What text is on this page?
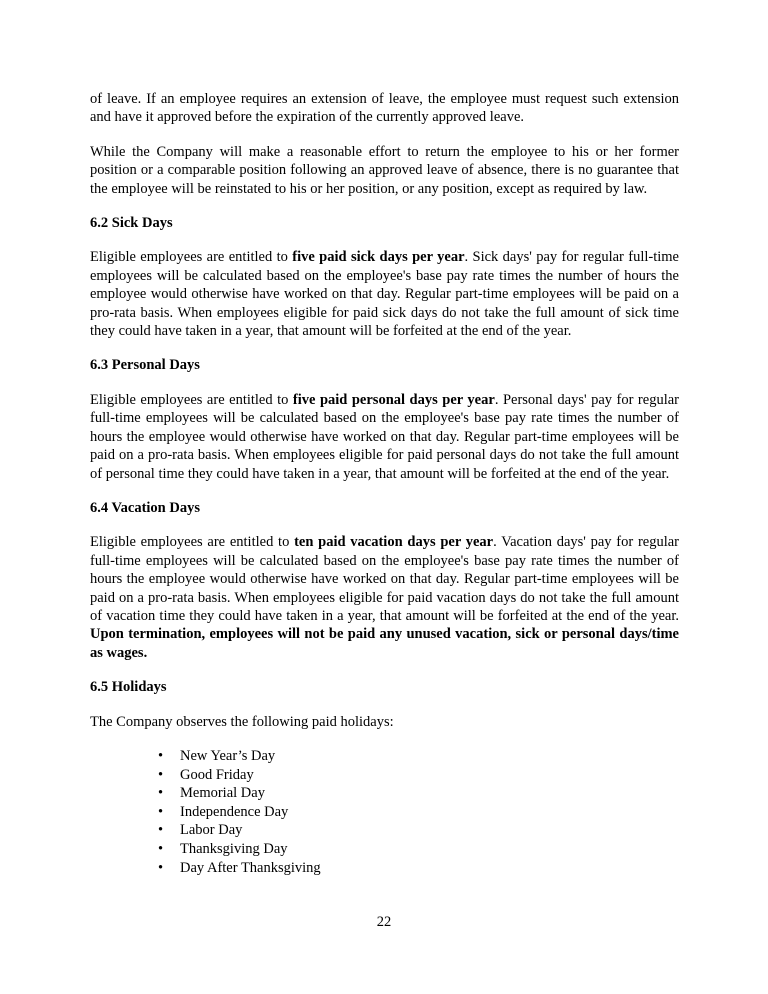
of leave. If an employee requires an extension of leave, the employee must request such extension and have it approved before the expiration of the currently approved leave.

While the Company will make a reasonable effort to return the employee to his or her former position or a comparable position following an approved leave of absence, there is no guarantee that the employee will be reinstated to his or her position, or any position, except as required by law.

6.2 Sick Days

Eligible employees are entitled to five paid sick days per year. Sick days' pay for regular full-time employees will be calculated based on the employee's base pay rate times the number of hours the employee would otherwise have worked on that day. Regular part-time employees will be paid on a pro-rata basis. When employees eligible for paid sick days do not take the full amount of sick time they could have taken in a year, that amount will be forfeited at the end of the year.

6.3 Personal Days

Eligible employees are entitled to five paid personal days per year. Personal days' pay for regular full-time employees will be calculated based on the employee's base pay rate times the number of hours the employee would otherwise have worked on that day. Regular part-time employees will be paid on a pro-rata basis. When employees eligible for paid personal days do not take the full amount of personal time they could have taken in a year, that amount will be forfeited at the end of the year.

6.4 Vacation Days

Eligible employees are entitled to ten paid vacation days per year. Vacation days' pay for regular full-time employees will be calculated based on the employee's base pay rate times the number of hours the employee would otherwise have worked on that day. Regular part-time employees will be paid on a pro-rata basis. When employees eligible for paid vacation days do not take the full amount of vacation time they could have taken in a year, that amount will be forfeited at the end of the year. Upon termination, employees will not be paid any unused vacation, sick or personal days/time as wages.

6.5 Holidays

The Company observes the following paid holidays:

• New Year’s Day
• Good Friday
• Memorial Day
• Independence Day
• Labor Day
• Thanksgiving Day
• Day After Thanksgiving
22
